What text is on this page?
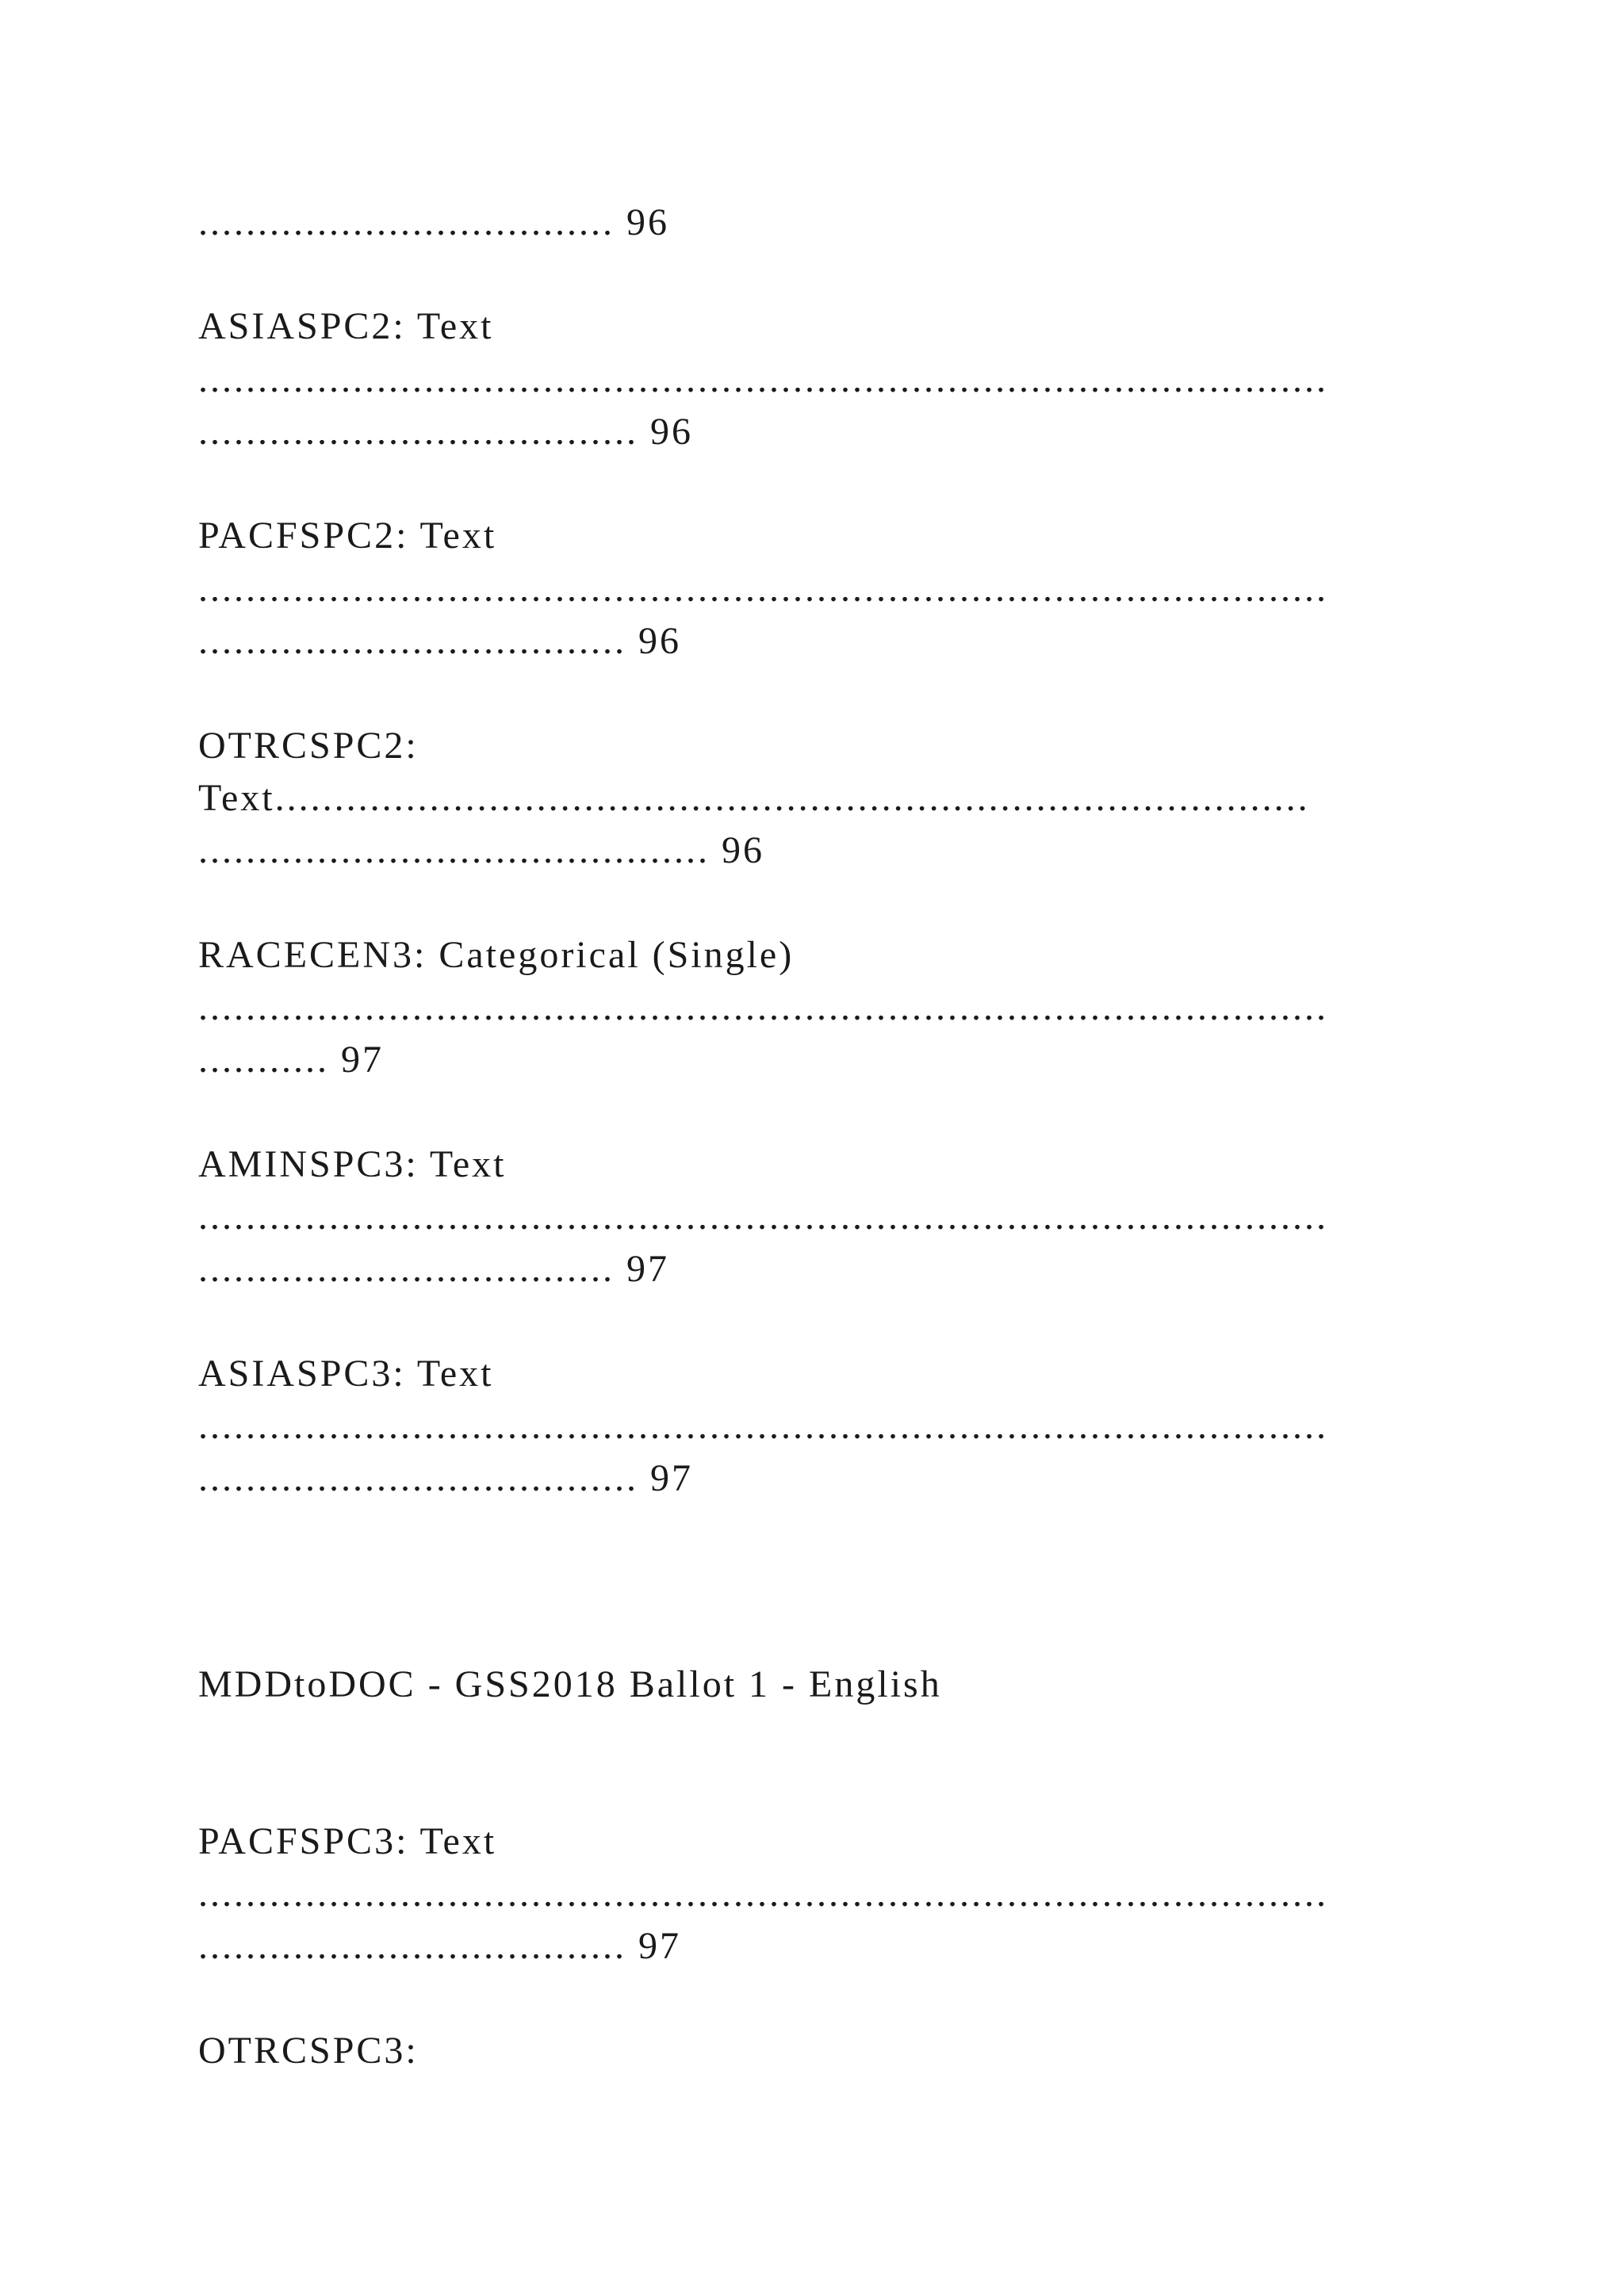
................................... 96

ASIASPC2: Text

...............................................................................................

..................................... 96

PACFSPC2: Text

...............................................................................................

.................................... 96

OTRCSPC2:

Text.......................................................................................

........................................... 96

RACECEN3: Categorical (Single)

...............................................................................................

........... 97

AMINSPC3: Text

...............................................................................................

................................... 97

ASIASPC3: Text

...............................................................................................

..................................... 97

MDDtoDOC - GSS2018 Ballot 1 - English

PACFSPC3: Text

...............................................................................................

.................................... 97

OTRCSPC3:
